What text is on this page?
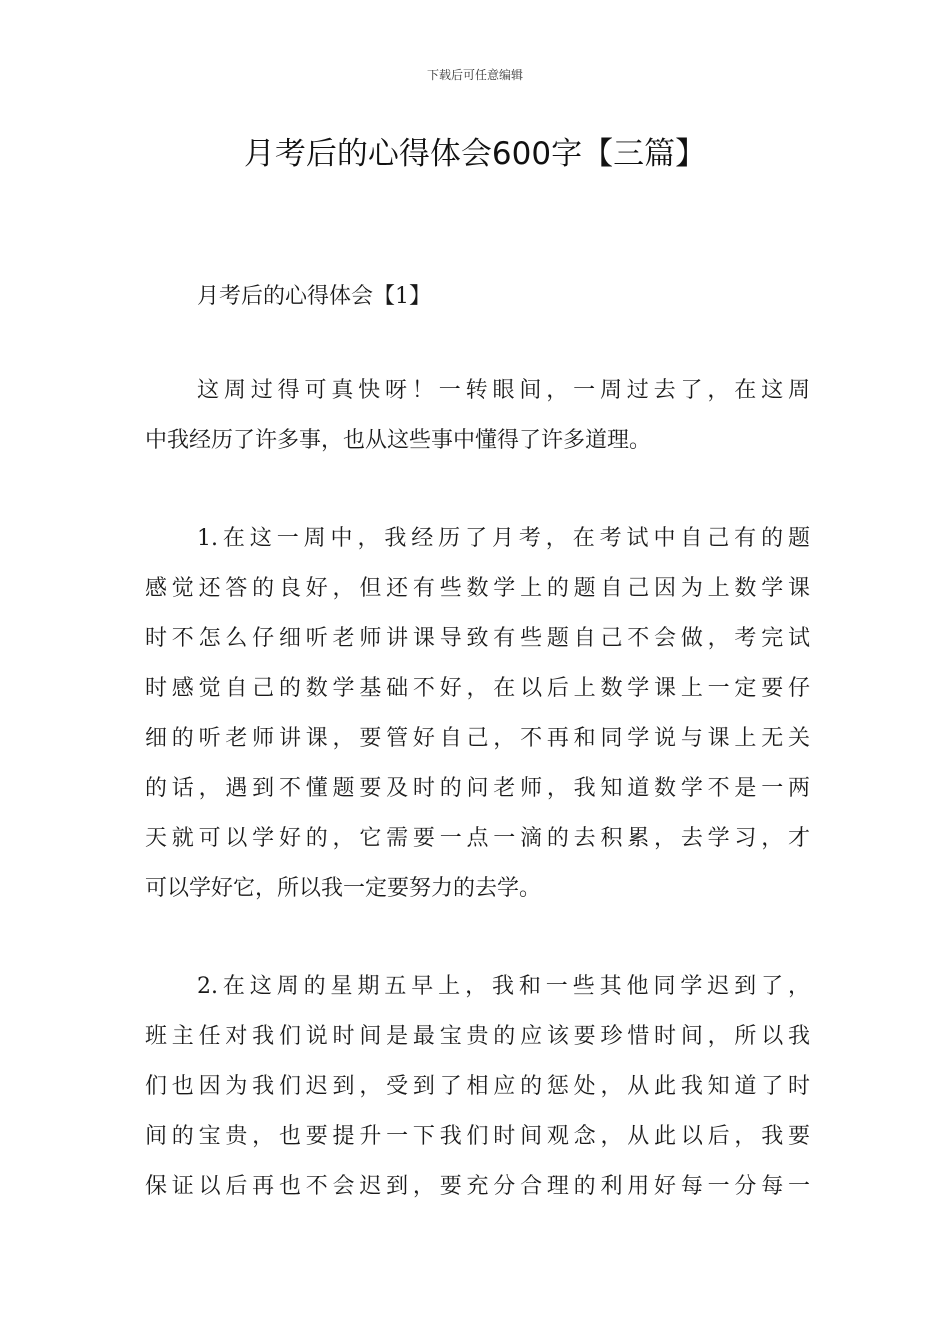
下载后可任意编辑
月考后的心得体会600字【三篇】
月考后的心得体会【1】
这周过得可真快呀！一转眼间，一周过去了，在这周
中我经历了许多事，也从这些事中懂得了许多道理。
1.在这一周中，我经历了月考，在考试中自己有的题
感觉还答的良好，但还有些数学上的题自己因为上数学课
时不怎么仔细听老师讲课导致有些题自己不会做，考完试
时感觉自己的数学基础不好，在以后上数学课上一定要仔
细的听老师讲课，要管好自己，不再和同学说与课上无关
的话，遇到不懂题要及时的问老师，我知道数学不是一两
天就可以学好的，它需要一点一滴的去积累，去学习，才
可以学好它，所以我一定要努力的去学。
2.在这周的星期五早上，我和一些其他同学迟到了，
班主任对我们说时间是最宝贵的应该要珍惜时间，所以我
们也因为我们迟到，受到了相应的惩处，从此我知道了时
间的宝贵，也要提升一下我们时间观念，从此以后，我要
保证以后再也不会迟到，要充分合理的利用好每一分每一
